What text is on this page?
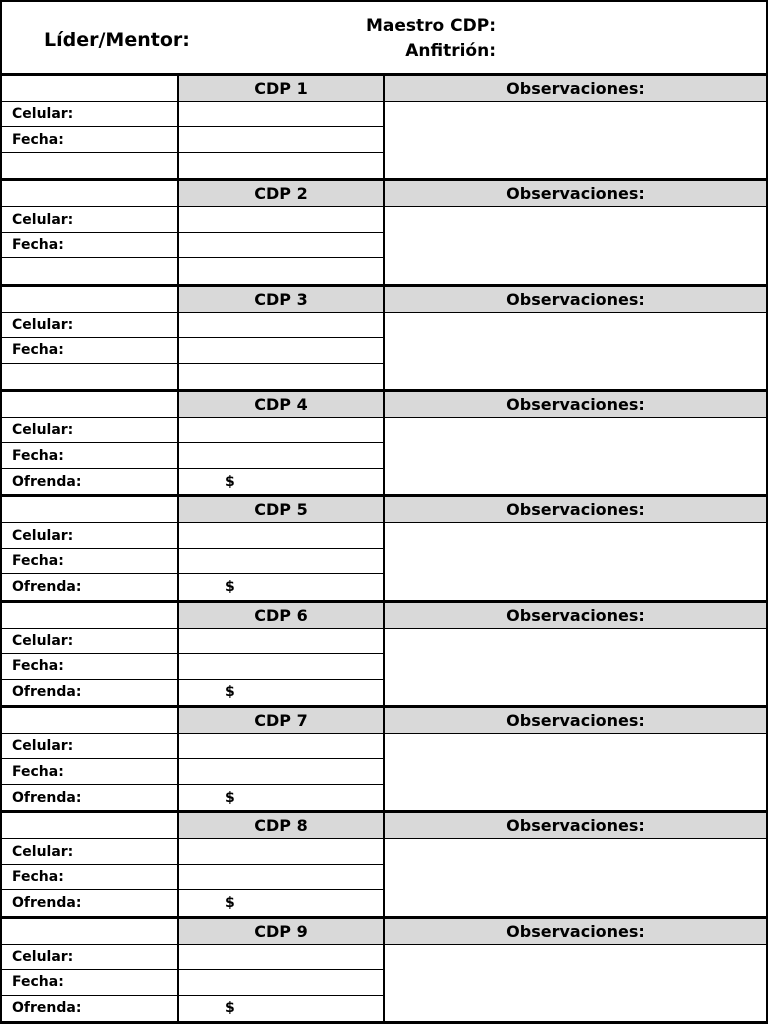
Líder/Mentor:
Maestro CDP:
Anfitrión:
CDP 1	Observaciones:
Celular:
Fecha:
CDP 2	Observaciones:
Celular:
Fecha:
CDP 3	Observaciones:
Celular:
Fecha:
CDP 4	Observaciones:
Celular:
Fecha:
Ofrenda:	$
CDP 5	Observaciones:
Celular:
Fecha:
Ofrenda:	$
CDP 6	Observaciones:
Celular:
Fecha:
Ofrenda:	$
CDP 7	Observaciones:
Celular:
Fecha:
Ofrenda:	$
CDP 8	Observaciones:
Celular:
Fecha:
Ofrenda:	$
CDP 9	Observaciones:
Celular:
Fecha:
Ofrenda:	$
